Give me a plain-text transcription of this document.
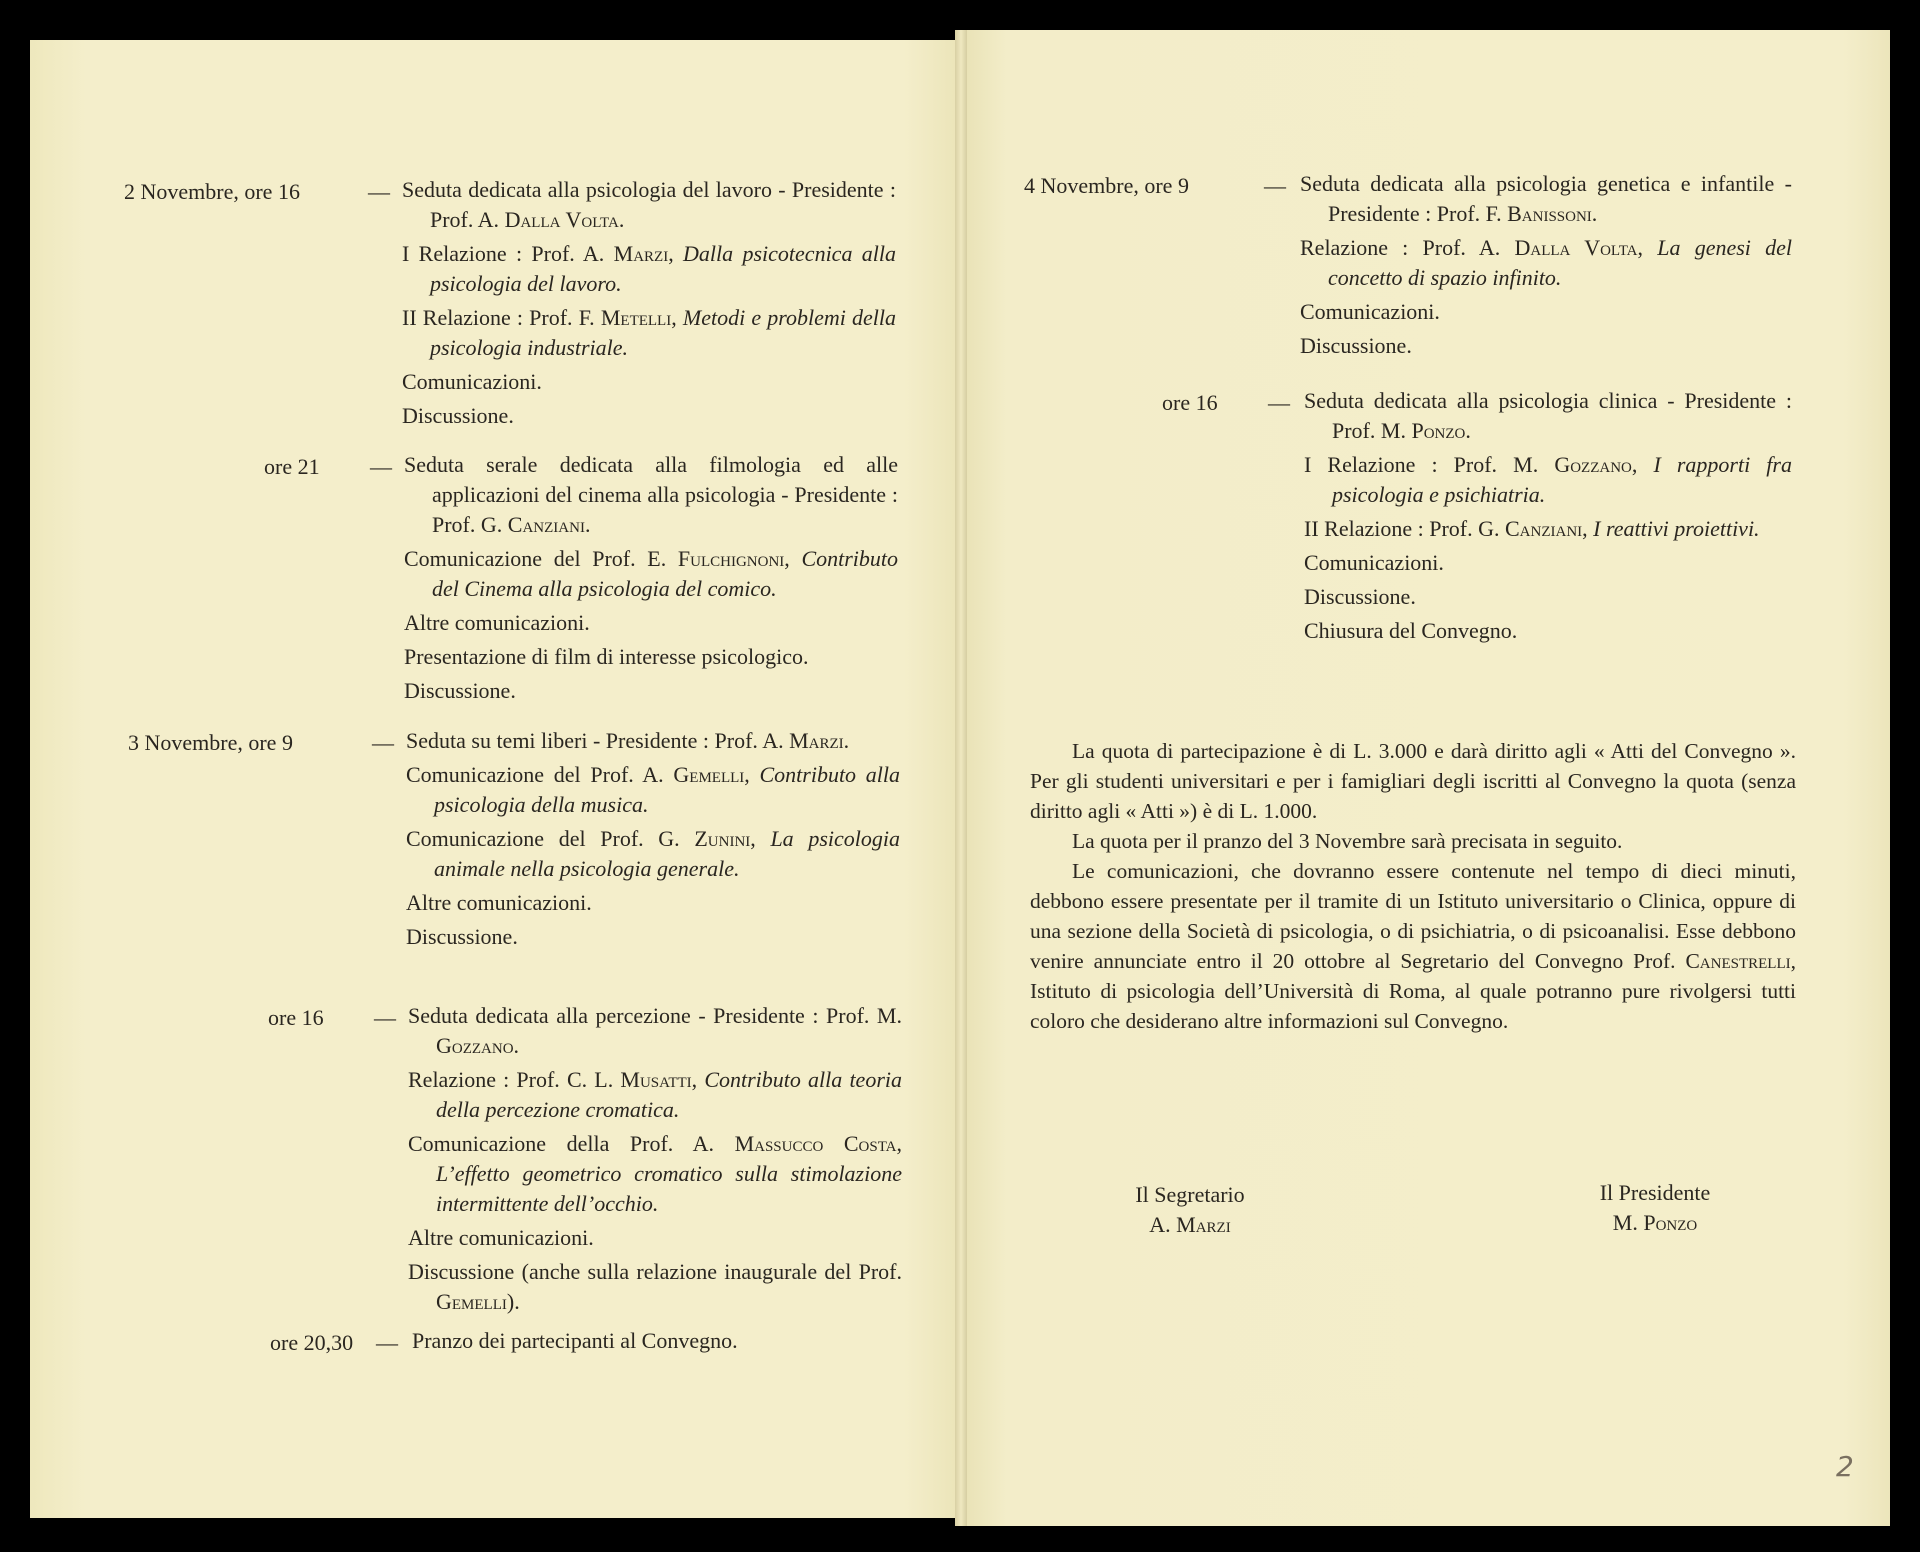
2 Novembre, ore 16	— Seduta dedicata alla psicologia del lavoro - Presidente : Prof. A. Dalla Volta.

I Relazione : Prof. A. Marzi, Dalla psicotecnica alla psicologia del lavoro.

II Relazione : Prof. F. Metelli, Metodi e problemi della psicologia industriale.

Comunicazioni.

Discussione.

ore 21 — Seduta serale dedicata alla filmologia ed alle applicazioni del cinema alla psicologia - Presidente : Prof. G. Canziani.

Comunicazione del Prof. E. Fulchignoni, Contributo del Cinema alla psicologia del comico.

Altre comunicazioni.

Presentazione di film di interesse psicologico.

Discussione.

3 Novembre, ore 9	— Seduta su temi liberi - Presidente : Prof. A. Marzi.

Comunicazione del Prof. A. Gemelli, Contributo alla psicologia della musica.

Comunicazione del Prof. G. Zunini, La psicologia animale nella psicologia generale.

Altre comunicazioni.

Discussione.

ore 16 — Seduta dedicata alla percezione - Presidente : Prof. M. Gozzano.

Relazione : Prof. C. L. Musatti, Contributo alla teoria della percezione cromatica.

Comunicazione della Prof. A. Massucco Costa, L’effetto geometrico cromatico sulla stimolazione intermittente dell’occhio.

Altre comunicazioni.

Discussione (anche sulla relazione inaugurale del Prof. Gemelli).

ore 20,30 — Pranzo dei partecipanti al Convegno.

4 Novembre, ore 9	— Seduta dedicata alla psicologia genetica e infantile - Presidente : Prof. F. Banissoni.

Relazione : Prof. A. Dalla Volta, La genesi del concetto di spazio infinito.

Comunicazioni.

Discussione.

ore 16 — Seduta dedicata alla psicologia clinica - Presidente : Prof. M. Ponzo.

I Relazione : Prof. M. Gozzano, I rapporti fra psicologia e psichiatria.

II Relazione : Prof. G. Canziani, I reattivi proiettivi.

Comunicazioni.

Discussione.

Chiusura del Convegno.

La quota di partecipazione è di L. 3.000 e darà diritto agli « Atti del Convegno ». Per gli studenti universitari e per i famigliari degli iscritti al Convegno la quota (senza diritto agli « Atti ») è di L. 1.000.

La quota per il pranzo del 3 Novembre sarà precisata in seguito.

Le comunicazioni, che dovranno essere contenute nel tempo di dieci minuti, debbono essere presentate per il tramite di un Istituto universitario o Clinica, oppure di una sezione della Società di psicologia, o di psichiatria, o di psicoanalisi. Esse debbono venire annunciate entro il 20 ottobre al Segretario del Convegno Prof. Canestrelli, Istituto di psicologia dell’Università di Roma, al quale potranno pure rivolgersi tutti coloro che desiderano altre informazioni sul Convegno.

Il Segretario
A. Marzi
Il Presidente
M. Ponzo
2
